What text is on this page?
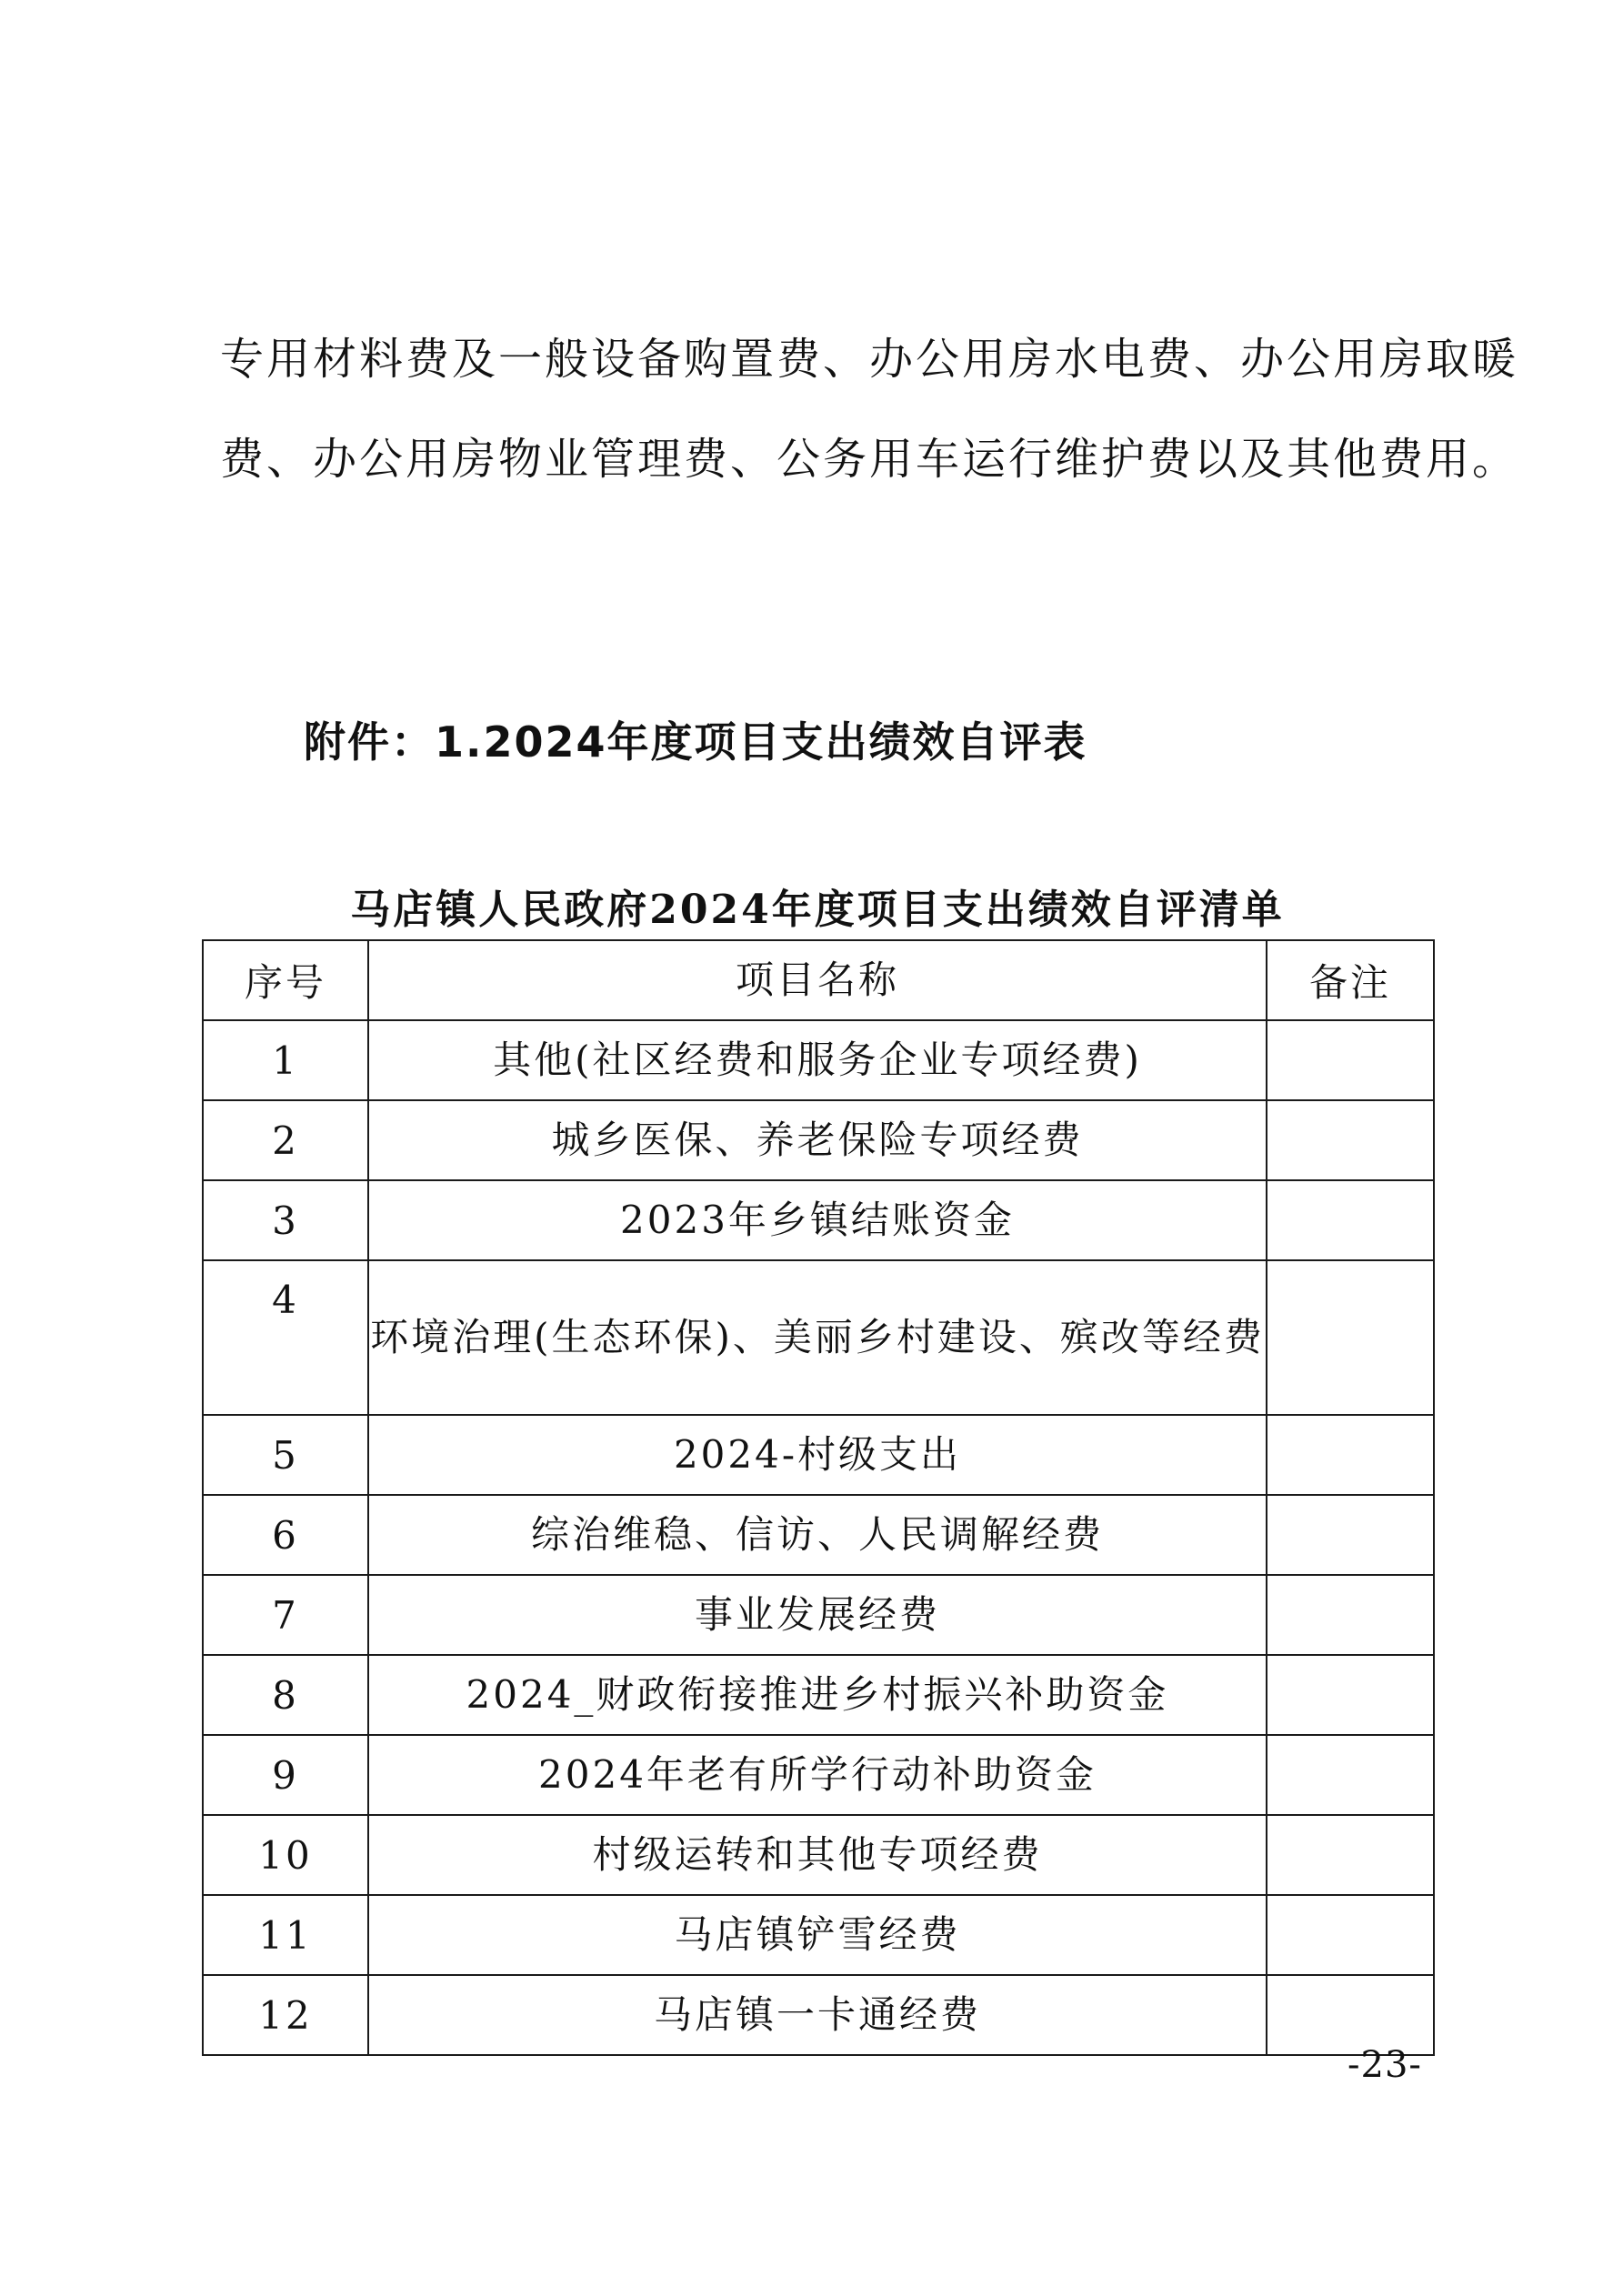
专用材料费及一般设备购置费、办公用房水电费、办公用房取暖
费、办公用房物业管理费、公务用车运行维护费以及其他费用。

附件：1.2024年度项目支出绩效自评表
马店镇人民政府2024年度项目支出绩效自评清单
序号	项目名称	备注
1	其他(社区经费和服务企业专项经费)	
2	城乡医保、养老保险专项经费	
3	2023年乡镇结账资金	
4	环境治理(生态环保)、美丽乡村建设、殡改等经费	
5	2024-村级支出	
6	综治维稳、信访、人民调解经费	
7	事业发展经费	
8	2024_财政衔接推进乡村振兴补助资金	
9	2024年老有所学行动补助资金	
10	村级运转和其他专项经费	
11	马店镇铲雪经费	
12	马店镇一卡通经费	

-23-
